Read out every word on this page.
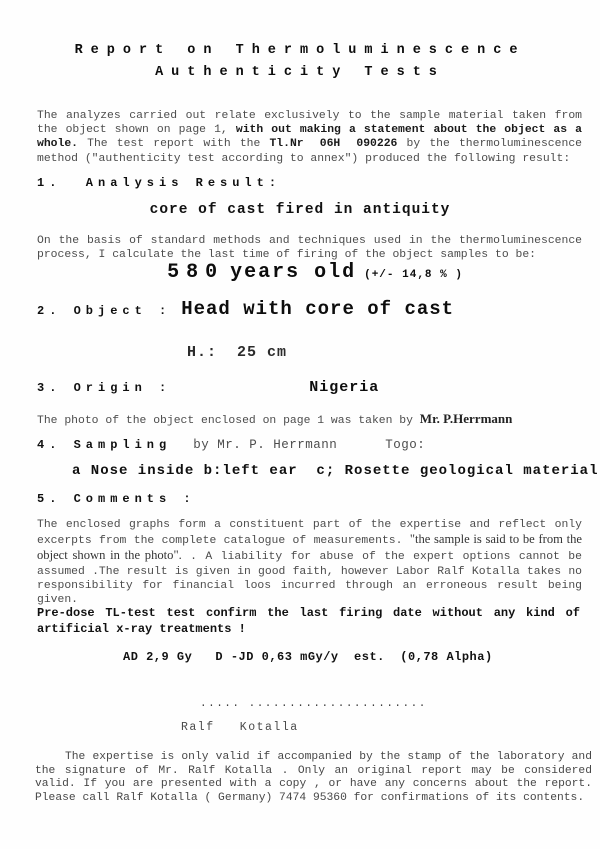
Report on Thermoluminescence
Authenticity Tests

The analyzes carried out relate exclusively to the sample material taken from the object shown on page 1, with out making a statement about the object as a whole. The test report with the Tl.Nr 06H 090226 by the thermoluminescence method ("authenticity test according to annex") produced the following result:

1.  Analysis Result:
core of cast fired in antiquity

On the basis of standard methods and techniques used in the thermoluminescence process, I calculate the last time of firing of the object samples to be:

580 years old (+/- 14,8 % )
2. Object : Head with core of cast
H.:  25 cm
3. Origin :	Nigeria
The photo of the object enclosed on page 1 was taken by Mr. P.Herrmann
4. Sampling by Mr. P. Herrmann	Togo:
a Nose inside b:left ear  c; Rosette geological material
5. Comments :

The enclosed graphs form a constituent part of the expertise and reflect only excerpts from the complete catalogue of measurements. "the sample is said to be from the object shown in the photo". . A liability for abuse of the expert options cannot be assumed .The result is given in good faith, however Labor Ralf Kotalla takes no responsibility for financial loos incurred through an erroneous result being given.

Pre-dose TL-test test confirm the last firing date without any kind of artificial x-ray treatments !

AD 2,9 Gy   D -JD 0,63 mGy/y  est.  (0,78 Alpha)
..... ......................
Ralf   Kotalla

The expertise is only valid if accompanied by the stamp of the laboratory and the signature of Mr. Ralf Kotalla . Only an original report may be considered valid. If you are presented with a copy , or have any concerns about the report. Please call Ralf Kotalla ( Germany) 7474 95360 for confirmations of its contents.
